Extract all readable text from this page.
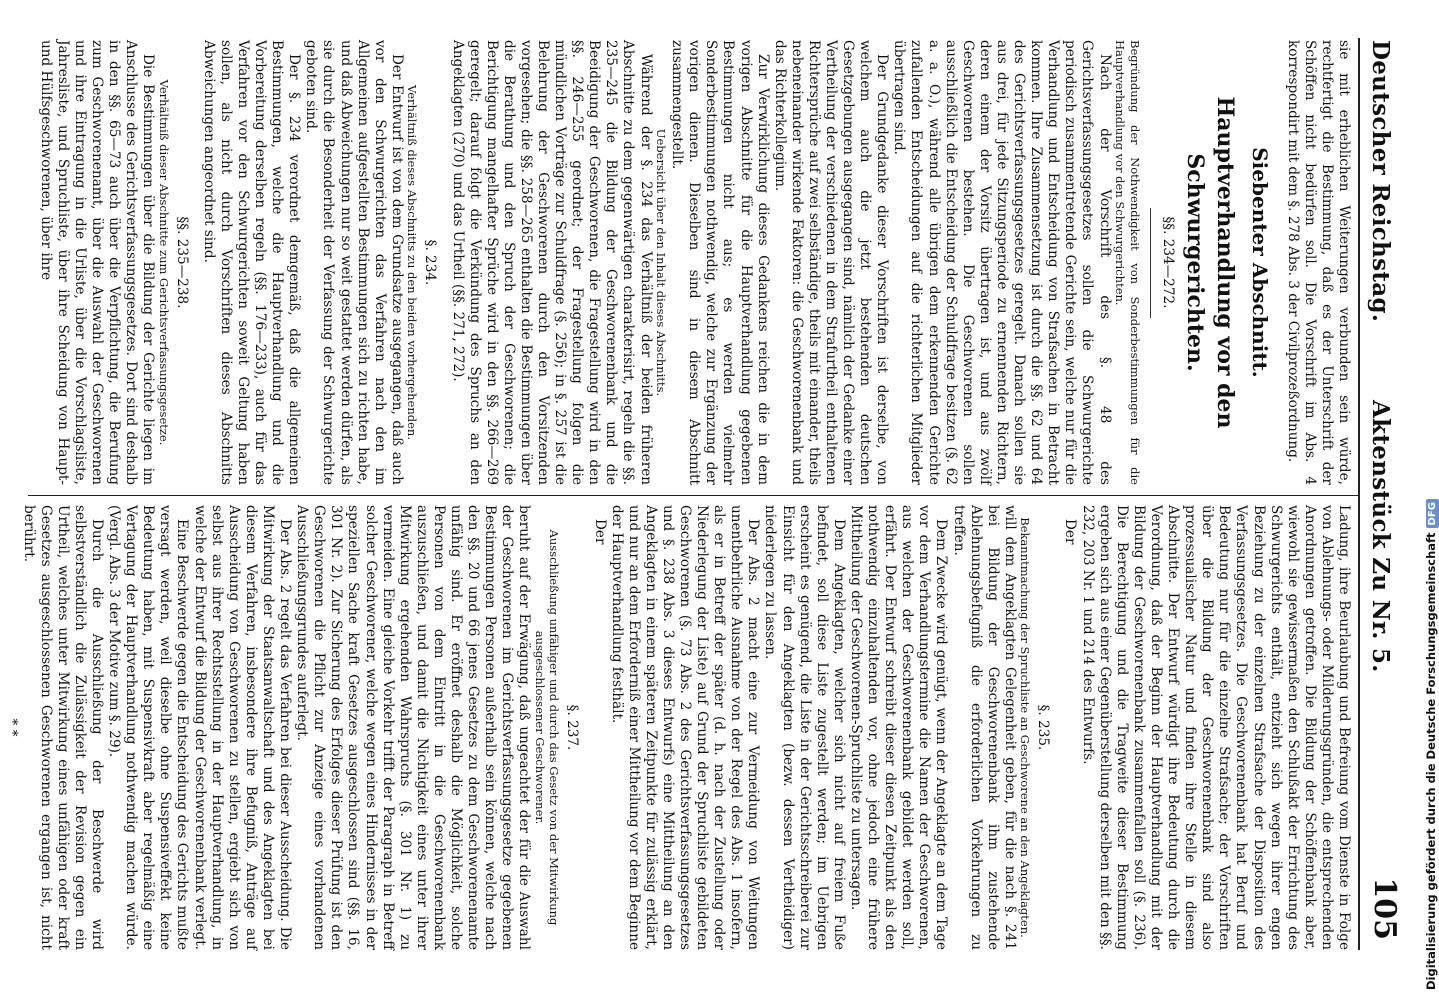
Deutscher Reichstag.
Aktenstück Zu Nr. 5.
105

sie mit erheblichen Weiterungen verbunden sein würde, rechtfertigt die Bestimmung, daß es der Unterschrift der Schöffen nicht bedürfen soll. Die Vorschrift im Abs. 4 korrespondirt mit dem §. 278 Abs. 3 der Civilprozeßordnung.

Siebenter Abschnitt.
Hauptverhandlung vor den Schwurgerichten.
§§. 234—272.

Begründung der Nothwendigkeit von Sonderbestimmungen für die Hauptverhandlung vor den Schwurgerichten.

Nach der Vorschrift des §. 48 des Gerichtsverfassungsgesetzes sollen die Schwurgerichte periodisch zusammentretende Gerichte sein, welche nur für die Verhandlung und Entscheidung von Strafsachen in Betracht kommen. Ihre Zusammensetzung ist durch die §§. 62 und 64 des Gerichtsverfassungsgesetzes geregelt. Danach sollen sie aus drei, für jede Sitzungsperiode zu ernennenden Richtern, deren einem der Vorsitz übertragen ist, und aus zwölf Geschworenen bestehen. Die Geschworenen sollen ausschließlich die Entscheidung der Schuldfrage besitzen (§. 62 a. a. O.), während alle übrigen dem erkennenden Gerichte zufallenden Entscheidungen auf die richterlichen Mitglieder übertragen sind.

Der Grundgedanke dieser Vorschriften ist derselbe, von welchem auch die jetzt bestehenden deutschen Gesetzgebungen ausgegangen sind, nämlich der Gedanke einer Vertheilung der verschiedenen in dem Strafurtheil enthaltenen Richtersprüche auf zwei selbständige, theils mit einander, theils nebeneinander wirkende Faktoren: die Geschworenenbank und das Richterkollegium.

Zur Verwirklichung dieses Gedankens reichen die in dem vorigen Abschnitte für die Hauptverhandlung gegebenen Bestimmungen nicht aus; es werden vielmehr Sonderbestimmungen nothwendig, welche zur Ergänzung der vorigen dienen. Dieselben sind in diesem Abschnitt zusammengestellt.

Uebersicht über den Inhalt dieses Abschnitts.

Während der §. 234 das Verhältniß der beiden früheren Abschnitte zu dem gegenwärtigen charakterisirt, regeln die §§. 235—245 die Bildung der Geschworenenbank und die Beeidigung der Geschworenen, die Fragestellung wird in den §§. 246—255 geordnet; der Fragestellung folgen die mündlichen Vorträge zur Schuldfrage (§. 256); in §. 257 ist die Belehrung der Geschworenen durch den Vorsitzenden vorgesehen; die §§. 258—265 enthalten die Bestimmungen über die Berathung und den Spruch der Geschworenen; die Berichtigung mangelhafter Sprüche wird in den §§. 266—269 geregelt; darauf folgt die Verkündung des Spruchs an den Angeklagten (270) und das Urtheil (§§. 271, 272).

§. 234.

Verhältniß dieses Abschnitts zu den beiden vorhergehenden.

Der Entwurf ist von dem Grundsatze ausgegangen, daß auch vor den Schwurgerichten das Verfahren nach den im Allgemeinen aufgestellten Bestimmungen sich zu richten habe, und daß Abweichungen nur so weit gestattet werden dürfen, als sie durch die Besonderheit der Verfassung der Schwurgerichte geboten sind.

Der §. 234 verordnet demgemäß, daß die allgemeinen Bestimmungen, welche die Hauptverhandlung und die Vorbereitung derselben regeln (§§. 176—233), auch für das Verfahren vor den Schwurgerichten soweit Geltung haben sollen, als nicht durch Vorschriften dieses Abschnitts Abweichungen angeordnet sind.

§§. 235—238.

Verhältniß dieser Abschnitte zum Gerichtsverfassungsgesetze.

Die Bestimmungen über die Bildung der Gerichte liegen im Anschlusse des Gerichtsverfassungsgesetzes. Dort sind deshalb in den §§. 65—73 auch über die Verpflichtung, die Berufung zum Geschworenenamt, über die Auswahl der Geschworenen und ihre Eintragung in die Urliste, über die Vorschlagsliste, Jahresliste, und Spruchliste, über ihre Scheidung von Haupt- und Hülfsgeschworenen, über ihre

Ladung, ihre Beurlaubung und Befreiung vom Dienste in Folge von Ablehnungs- oder Milderungsgründen, die entsprechenden Anordnungen getroffen. Die Bildung der Schöffenbank aber, wiewohl sie gewissermaßen den Schlußakt der Errichtung des Schwurgerichts enthält, entzieht sich wegen ihrer engen Beziehung zu der einzelnen Strafsache der Disposition des Verfassungsgesetzes. Die Geschworenenbank hat Beruf und Bedeutung nur für die einzelne Strafsache; der Vorschriften über die Bildung der Geschworenenbank sind also prozessualischer Natur und finden ihre Stelle in diesem Abschnitte. Der Entwurf würdigt ihre Bedeutung durch die Verordnung, daß der Beginn der Hauptverhandlung mit der Bildung der Geschworenenbank zusammenfallen soll (§. 236). Die Berechtigung und die Tragweite dieser Bestimmung ergeben sich aus einer Gegenüberstellung derselben mit den §§. 232, 203 Nr. 1 und 214 des Entwurfs.

Der

§. 235.

Bekanntmachung der Spruchliste an Geschworene an den Angeklagten.

will dem Angeklagten Gelegenheit geben, für die nach §. 241 bei Bildung der Geschworenenbank ihm zustehende Ablehnungsbefugniß die erforderlichen Vorkehrungen zu treffen.

Dem Zwecke wird genügt, wenn der Angeklagte an dem Tage vor dem Verhandlungstermine die Namen der Geschworenen, aus welchen der Geschworenenbank gebildet werden soll, erfährt. Der Entwurf schreibt dieser diesen Zeitpunkt als den nothwendig einzuhaltenden vor, ohne jedoch eine frühere Mittheilung der Geschworenen-Spruchliste zu untersagen.

Dem Angeklagten, welcher sich nicht auf freiem Fuße befindet, soll diese Liste zugestellt werden; im Uebrigen erscheint es genügend, die Liste in der Gerichtsschreiberei zur Einsicht für den Angeklagten (bezw. dessen Vertheidiger) niederlegen zu lassen.

Der Abs. 2 macht eine zur Vermeidung von Weitungen unentbehrliche Ausnahme von der Regel des Abs. 1 insofern, als er in Betreff der später (d. h. nach der Zustellung oder Niederlegung der Liste) auf Grund der Spruchliste gebildeten Geschworenen (§. 73 Abs. 2 des Gerichtsverfassungsgesetzes und §. 238 Abs. 3 dieses Entwurfs) eine Mittheilung an den Angeklagten in einem späteren Zeitpunkte für zulässig erklärt, und nur an dem Erforderniß einer Mittheilung vor dem Beginne der Hauptverhandlung festhält.

Der

§. 237.

Ausschließung unfähiger und durch das Gesetz von der Mitwirkung ausgeschlossener Geschworener.

beruht auf der Erwägung, daß ungeachtet der für die Auswahl der Geschworenen im Gerichtsverfassungsgesetze gegebenen Bestimmungen Personen außerhalb sein können, welche nach den §§. 20 und 66 jenes Gesetzes zu dem Geschworenenamte unfähig sind. Er eröffnet deshalb die Möglichkeit, solche Personen von dem Eintritt in die Geschworenenbank auszuschließen, und damit die Nichtigkeit eines unter ihrer Mitwirkung ergehenden Wahrspruchs (§. 301 Nr. 1) zu vermeiden. Eine gleiche Vorkehr trifft der Paragraph in Betreff solcher Geschworener, welche wegen eines Hindernisses in der speziellen Sache kraft Gesetzes ausgeschlossen sind (§§. 16, 301 Nr. 2). Zur Sicherung des Erfolges dieser Prüfung ist den Geschworenen die Pflicht zur Anzeige eines vorhandenen Ausschließungsgrundes auferlegt.

Der Abs. 2 regelt das Verfahren bei dieser Ausscheidung. Die Mitwirkung der Staatsanwaltschaft und des Angeklagten bei diesem Verfahren, insbesondere ihre Befugniß, Anträge auf Ausscheidung von Geschworenen zu stellen, ergiebt sich von selbst aus ihrer Rechtsstellung in der Hauptverhandlung, in welche der Entwurf die Bildung der Geschworenenbank verlegt.

Eine Beschwerde gegen die Entscheidung des Gerichts mußte versagt werden, weil dieselbe ohne Suspensiveffekt keine Bedeutung haben, mit Suspensivkraft aber regelmäßig eine Vertagung der Hauptverhandlung nothwendig machen würde. (Vergl. Abs. 3 der Motive zum §. 29).

Durch die Ausschließung der Beschwerde wird selbstverständlich die Zulässigkeit der Revision gegen ein Urtheil, welches unter Mitwirkung eines unfähigen oder kraft Gesetzes ausgeschlossenen Geschworenen ergangen ist, nicht berührt.

* *	Digitalisierung gefördert durch die Deutsche ForschungsgemeinschaftDFG
